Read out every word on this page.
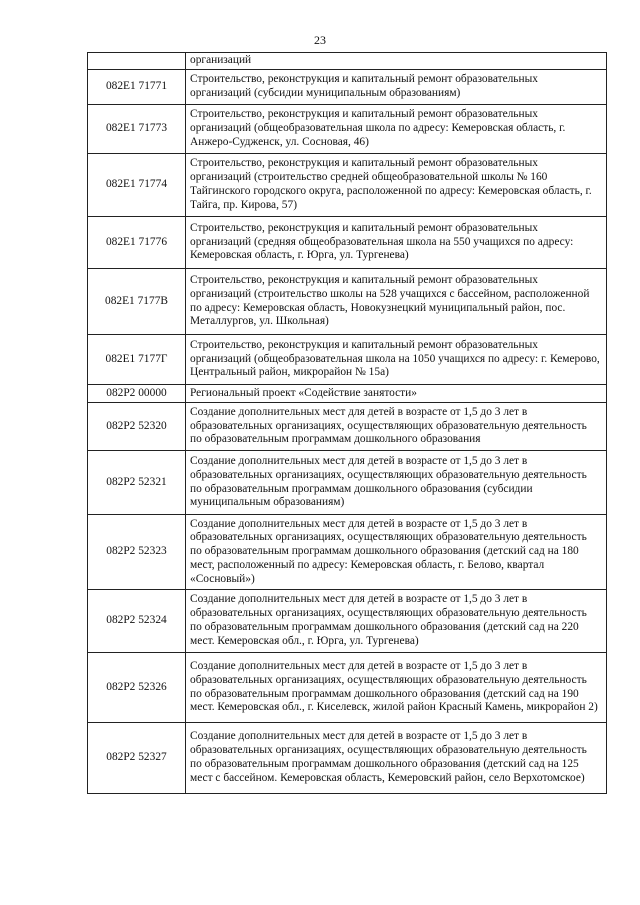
23
	организаций
082E1 71771	Строительство, реконструкция и капитальный ремонт образовательных организаций (субсидии муниципальным образованиям)
082E1 71773	Строительство, реконструкция и капитальный ремонт образовательных организаций (общеобразовательная школа по адресу: Кемеровская область, г. Анжеро-Судженск, ул. Сосновая, 46)
082E1 71774	Строительство, реконструкция и капитальный ремонт образовательных организаций (строительство средней общеобразовательной школы № 160 Тайгинского городского округа, расположенной по адресу: Кемеровская область, г. Тайга, пр. Кирова, 57)
082E1 71776	Строительство, реконструкция и капитальный ремонт образовательных организаций (средняя общеобразовательная школа на 550 учащихся по адресу: Кемеровская область, г. Юрга, ул. Тургенева)
082E1 7177B	Строительство, реконструкция и капитальный ремонт образовательных организаций (строительство школы на 528 учащихся с бассейном, расположенной по адресу: Кемеровская область, Новокузнецкий муниципальный район, пос. Металлургов, ул. Школьная)
082E1 7177Г	Строительство, реконструкция и капитальный ремонт образовательных организаций (общеобразовательная школа на 1050 учащихся по адресу: г. Кемерово, Центральный район, микрорайон № 15а)
082P2 00000	Региональный проект «Содействие занятости»
082P2 52320	Создание дополнительных мест для детей в возрасте от 1,5 до 3 лет в образовательных организациях, осуществляющих образовательную деятельность по образовательным программам дошкольного образования
082P2 52321	Создание дополнительных мест для детей в возрасте от 1,5 до 3 лет в образовательных организациях, осуществляющих образовательную деятельность по образовательным программам дошкольного образования (субсидии муниципальным образованиям)
082P2 52323	Создание дополнительных мест для детей в возрасте от 1,5 до 3 лет в образовательных организациях, осуществляющих образовательную деятельность по образовательным программам дошкольного образования (детский сад на 180 мест, расположенный по адресу: Кемеровская область, г. Белово, квартал «Сосновый»)
082P2 52324	Создание дополнительных мест для детей в возрасте от 1,5 до 3 лет в образовательных организациях, осуществляющих образовательную деятельность по образовательным программам дошкольного образования (детский сад на 220 мест. Кемеровская обл., г. Юрга, ул. Тургенева)
082P2 52326	Создание дополнительных мест для детей в возрасте от 1,5 до 3 лет в образовательных организациях, осуществляющих образовательную деятельность по образовательным программам дошкольного образования (детский сад на 190 мест. Кемеровская обл., г. Киселевск, жилой район Красный Камень, микрорайон 2)
082P2 52327	Создание дополнительных мест для детей в возрасте от 1,5 до 3 лет в образовательных организациях, осуществляющих образовательную деятельность по образовательным программам дошкольного образования (детский сад на 125 мест с бассейном. Кемеровская область, Кемеровский район, село Верхотомское)
